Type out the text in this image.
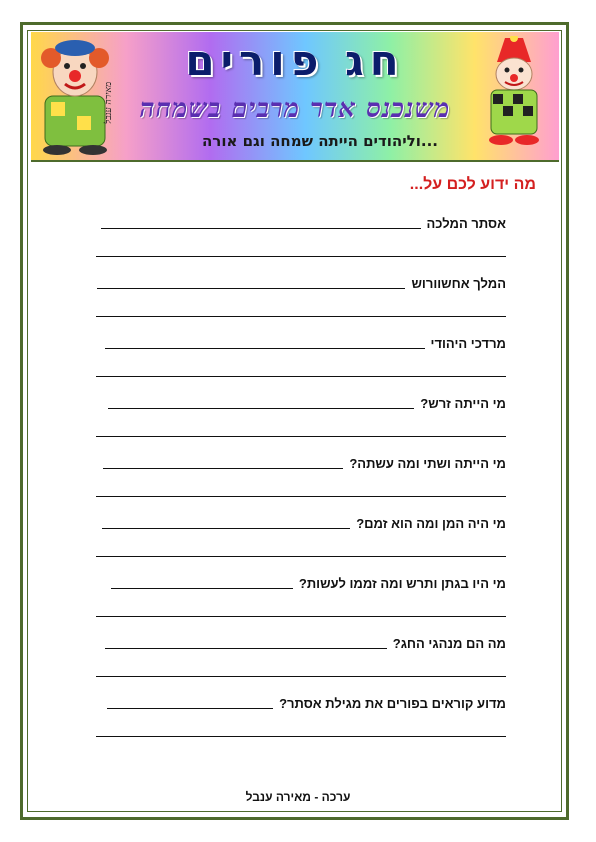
מאירה ענבל
חג פורים
משנכנס אדר מרבים בשמחה
וליהודים הייתה שמחה וגם אורה...
מה ידוע לכם על...
אסתר המלכה
המלך אחשוורוש
מרדכי היהודי
מי הייתה זרש?
מי הייתה ושתי ומה עשתה?
מי היה המן ומה הוא זמם?
מי היו בגתן ותרש ומה זממו לעשות?
מה הם מנהגי החג?
מדוע קוראים בפורים את מגילת אסתר?
ערכה - מאירה ענבל
